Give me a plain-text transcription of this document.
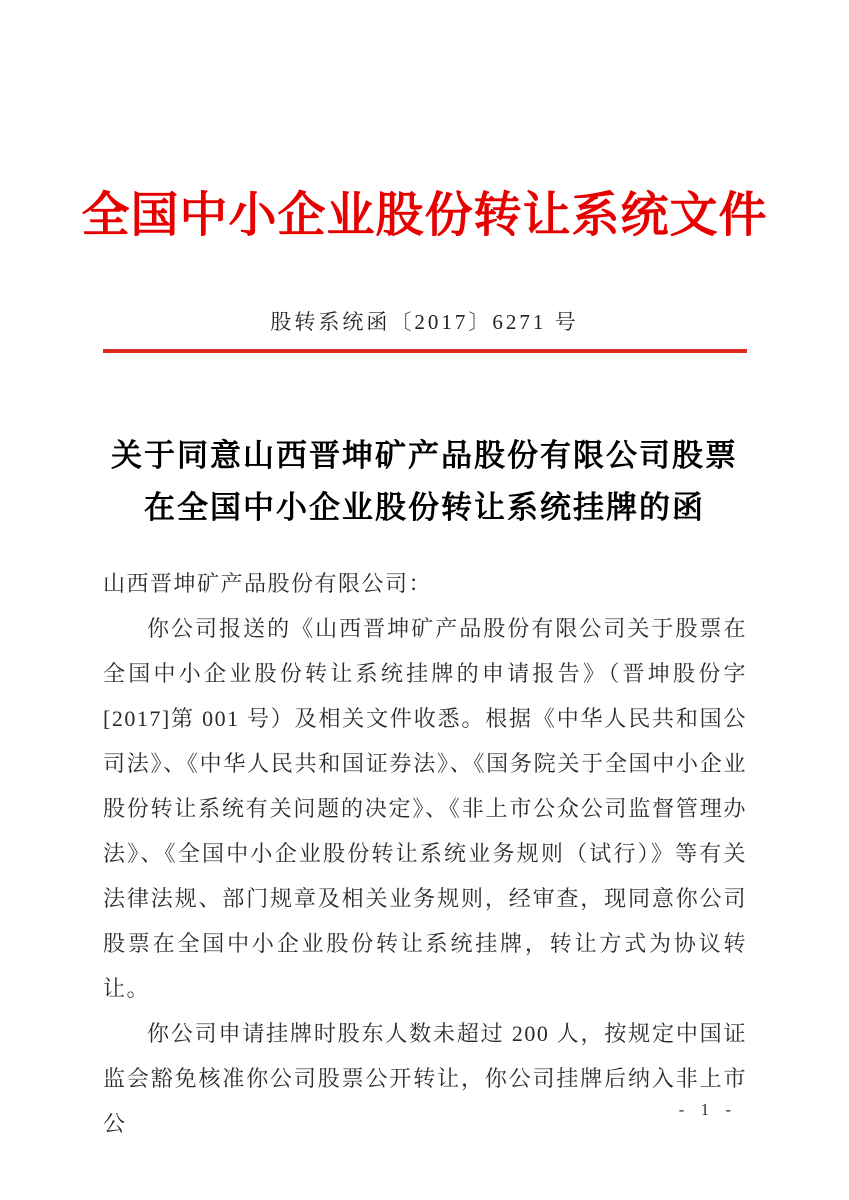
全国中小企业股份转让系统文件
股转系统函〔2017〕6271 号
关于同意山西晋坤矿产品股份有限公司股票
在全国中小企业股份转让系统挂牌的函

山西晋坤矿产品股份有限公司：

你公司报送的《山西晋坤矿产品股份有限公司关于股票在全国中小企业股份转让系统挂牌的申请报告》（晋坤股份字[2017]第 001 号）及相关文件收悉。根据《中华人民共和国公司法》、《中华人民共和国证券法》、《国务院关于全国中小企业股份转让系统有关问题的决定》、《非上市公众公司监督管理办法》、《全国中小企业股份转让系统业务规则（试行）》等有关法律法规、部门规章及相关业务规则，经审查，现同意你公司股票在全国中小企业股份转让系统挂牌，转让方式为协议转让。

你公司申请挂牌时股东人数未超过 200 人，按规定中国证监会豁免核准你公司股票公开转让，你公司挂牌后纳入非上市公

- 1 -
